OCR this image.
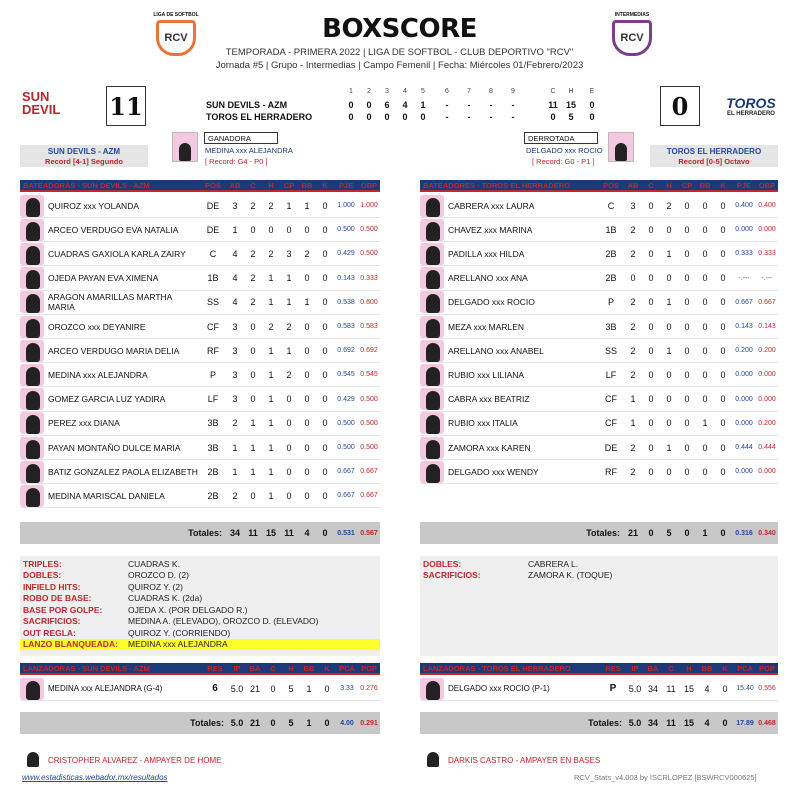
LIGA DE SOFTBOL
RCV
INTERMEDIAS
RCV
BOXSCORE
TEMPORADA - PRIMERA 2022 | LIGA DE SOFTBOL - CLUB DEPORTIVO "RCV"
Jornada #5 | Grupo - Intermedias | Campo Femenil | Fecha: Miércoles 01/Febrero/2023
SUN DEVIL	11	0	TOROS
EL HERRADERO
1	2	3	4	5	6	7	8	9	C	H	E
SUN DEVILS - AZM	0	0	6	4	1	-	-	-	-	11 15	0
TOROS EL HERRADERO	0	0	0	0	0	-	-	-	-	0	5	0
GANADORA
MEDINA xxx ALEJANDRA
[ Record: G4 - P0 ]
DERROTADA
DELGADO xxx ROCIO
[ Record: G0 - P1 ]
SUN DEVILS - AZM
Record [4-1] Segundo
TOROS EL HERRADERO
Record [0-5] Octavo
BATEADORAS - SUN DEVILS - AZM	POS	AB	C	H	CP BB	K	PJE	OBP
QUIROZ xxx YOLANDA	DE	3	2	2	1	1	0	1.000 1.000
ARCEO VERDUGO EVA NATALIA	DE	1	0	0	0	0	0	0.500 0.500
CUADRAS GAXIOLA KARLA ZAIRY	C	4	2	2	3	2	0	0.429 0.500
OJEDA PAYAN EVA XIMENA	1B	4	2	1	1	0	0	0.143 0.333
ARAGON AMARILLAS MARTHA MARIA	SS	4	2	1	1	1	0	0.538 0.600
OROZCO xxx DEYANIRE	CF	3	0	2	2	0	0	0.583 0.583
ARCEO VERDUGO MARIA DELIA	RF	3	0	1	1	0	0	0.692 0.692
MEDINA xxx ALEJANDRA	P	3	0	1	2	0	0	0.545 0.545
GOMEZ GARCIA LUZ YADIRA	LF	3	0	1	0	0	0	0.429 0.500
PEREZ xxx DIANA	3B	2	1	1	0	0	0	0.500 0.500
PAYAN MONTAÑO DULCE MARIA	3B	1	1	1	0	0	0	0.500 0.500
BATIZ GONZALEZ PAOLA ELIZABETH	2B	1	1	1	0	0	0	0.667 0.667
MEDINA MARISCAL DANIELA	2B	2	0	1	0	0	0	0.667 0.667
Totales: 34 11 15 11	4	0	0.531 0.567
BATEADORES - TOROS EL HERRADERO	POS	AB	C	H	CP BB	K	PJE	OBP
CABRERA xxx LAURA	C	3	0	2	0	0	0	0.400 0.400
CHAVEZ xxx MARINA	1B	2	0	0	0	0	0	0.000 0.000
PADILLA xxx HILDA	2B	2	0	1	0	0	0	0.333 0.333
ARELLANO xxx ANA	2B	0	0	0	0	0	0	-.---	-.---
DELGADO xxx ROCIO	P	2	0	1	0	0	0	0.667 0.667
MEZA xxx MARLEN	3B	2	0	0	0	0	0	0.143 0.143
ARELLANO xxx ANABEL	SS	2	0	1	0	0	0	0.200 0.200
RUBIO xxx LILIANA	LF	2	0	0	0	0	0	0.000 0.000
CABRA xxx BEATRIZ	CF	1	0	0	0	0	0	0.000 0.000
RUBIO xxx ITALIA	CF	1	0	0	0	1	0	0.000 0.200
ZAMORA xxx KAREN	DE	2	0	1	0	0	0	0.444 0.444
DELGADO xxx WENDY	RF	2	0	0	0	0	0	0.000 0.000
Totales: 21	0	5	0	1	0	0.316 0.340
TRIPLES:	CUADRAS K.
DOBLES:	OROZCO D. (2)
INFIELD HITS:	QUIROZ Y. (2)
ROBO DE BASE:	CUADRAS K. (2da)
BASE POR GOLPE:	OJEDA X. (POR DELGADO R.)
SACRIFICIOS:	MEDINA A. (ELEVADO), OROZCO D. (ELEVADO)
OUT REGLA:	QUIROZ Y. (CORRIENDO)
LANZO BLANQUEADA:	MEDINA xxx ALEJANDRA
DOBLES:	CABRERA L.
SACRIFICIOS:	ZAMORA K. (TOQUE)
LANZADORAS - SUN DEVILS - AZM	RES	IP	BA	C	H	BB	K	PCA POP
MEDINA xxx ALEJANDRA (G-4)	6	5.0 21	0	5	1	0	3.33 0.276
Totales: 5.0 21	0	5	1	0	4.00 0.291
LANZADORAS - TOROS EL HERRADERO	RES	IP	BA	C	H	BB	K	PCA POP
DELGADO xxx ROCIO (P-1)	P	5.0 34 11 15	4	0	15.40 0.556
Totales: 5.0 34 11 15	4	0	17.89 0.468
CRISTOPHER ALVAREZ - AMPAYER DE HOME	DARKIS CASTRO - AMPAYER EN BASES
www.estadisticas.webador.mx/resultados	RCV_Stats_v4.003 by ISCRLOPEZ [BSWRCV000625]
